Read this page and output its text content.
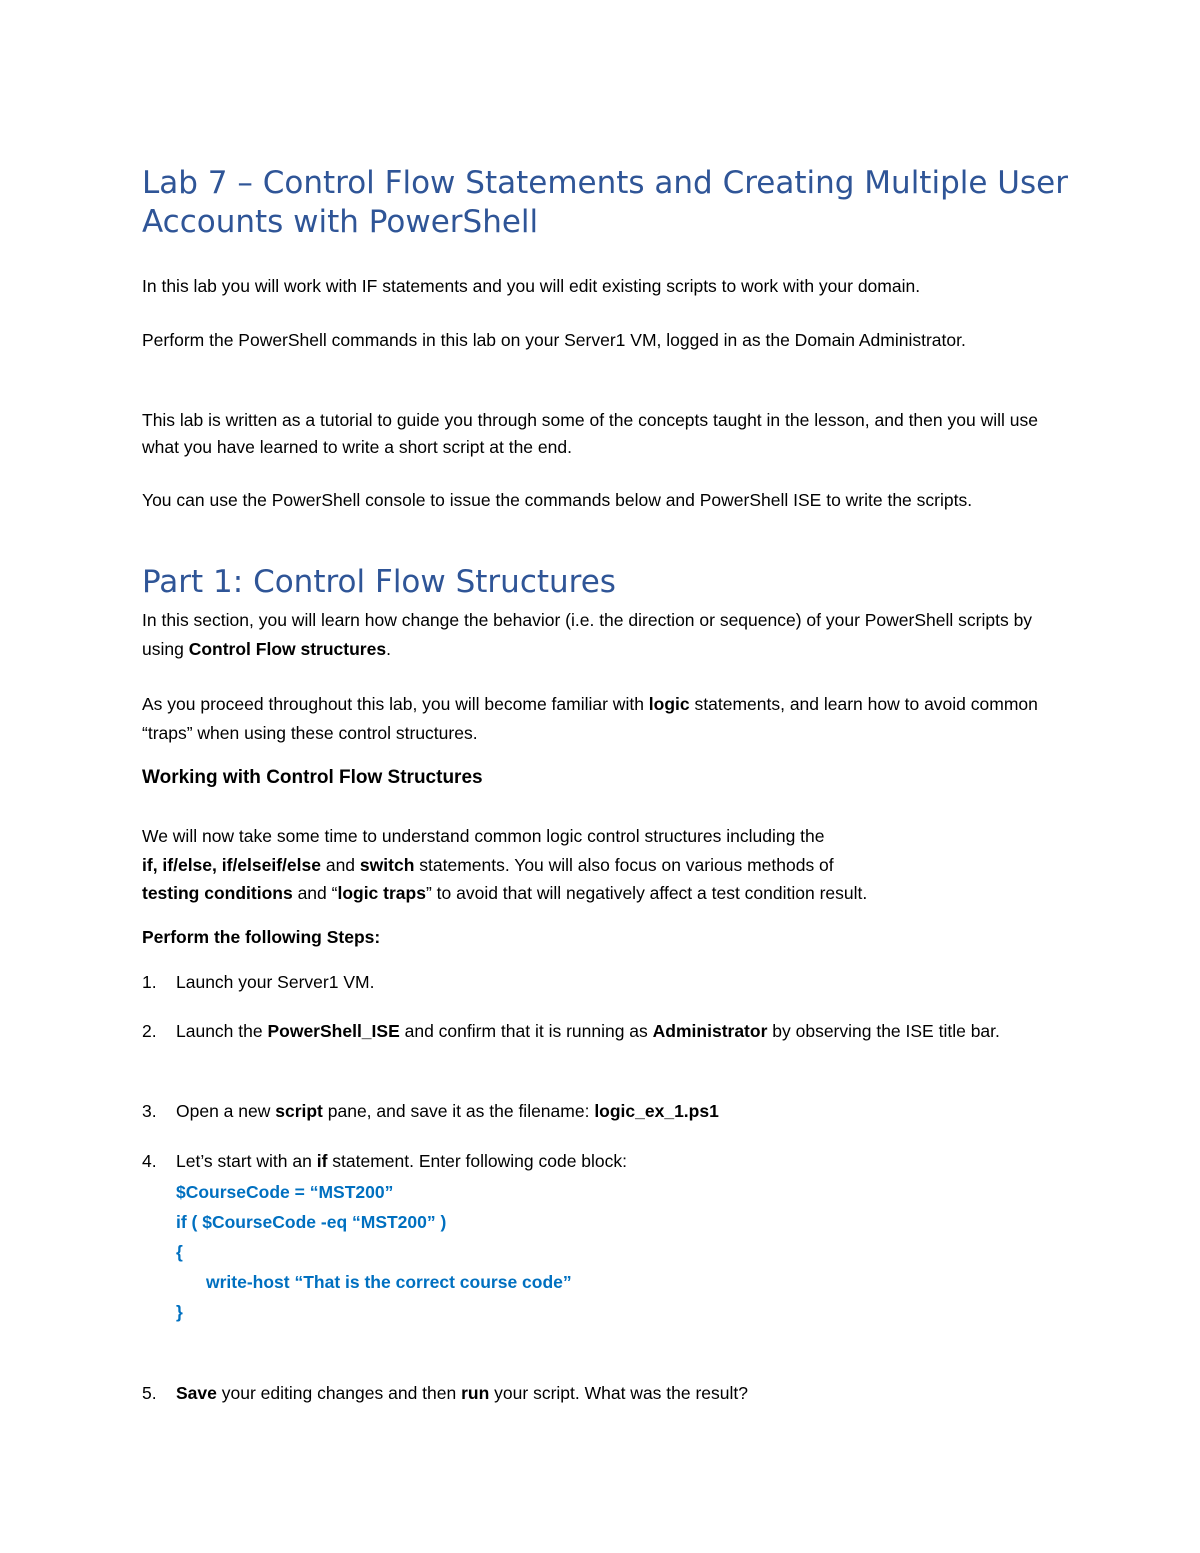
Lab 7 – Control Flow Statements and Creating Multiple User Accounts with PowerShell

In this lab you will work with IF statements and you will edit existing scripts to work with your domain.

Perform the PowerShell commands in this lab on your Server1 VM, logged in as the Domain Administrator.

This lab is written as a tutorial to guide you through some of the concepts taught in the lesson, and then you will use what you have learned to write a short script at the end.

You can use the PowerShell console to issue the commands below and PowerShell ISE to write the scripts.

Part 1: Control Flow Structures

In this section, you will learn how change the behavior (i.e. the direction or sequence) of your PowerShell scripts by using Control Flow structures.

As you proceed throughout this lab, you will become familiar with logic statements, and learn how to avoid common “traps” when using these control structures.

Working with Control Flow Structures
We will now take some time to understand common logic control structures including the
if, if/else, if/elseif/else and switch statements. You will also focus on various methods of
testing conditions and “logic traps” to avoid that will negatively affect a test condition result.

Perform the following Steps:

1. Launch your Server1 VM.
2. Launch the PowerShell_ISE and confirm that it is running as Administrator by observing the ISE title bar.
3. Open a new script pane, and save it as the filename: logic_ex_1.ps1
4. Let’s start with an if statement. Enter following code block:
$CourseCode = “MST200”
if ( $CourseCode -eq “MST200” )
{
write-host “That is the correct course code”
}
5. Save your editing changes and then run your script. What was the result?
